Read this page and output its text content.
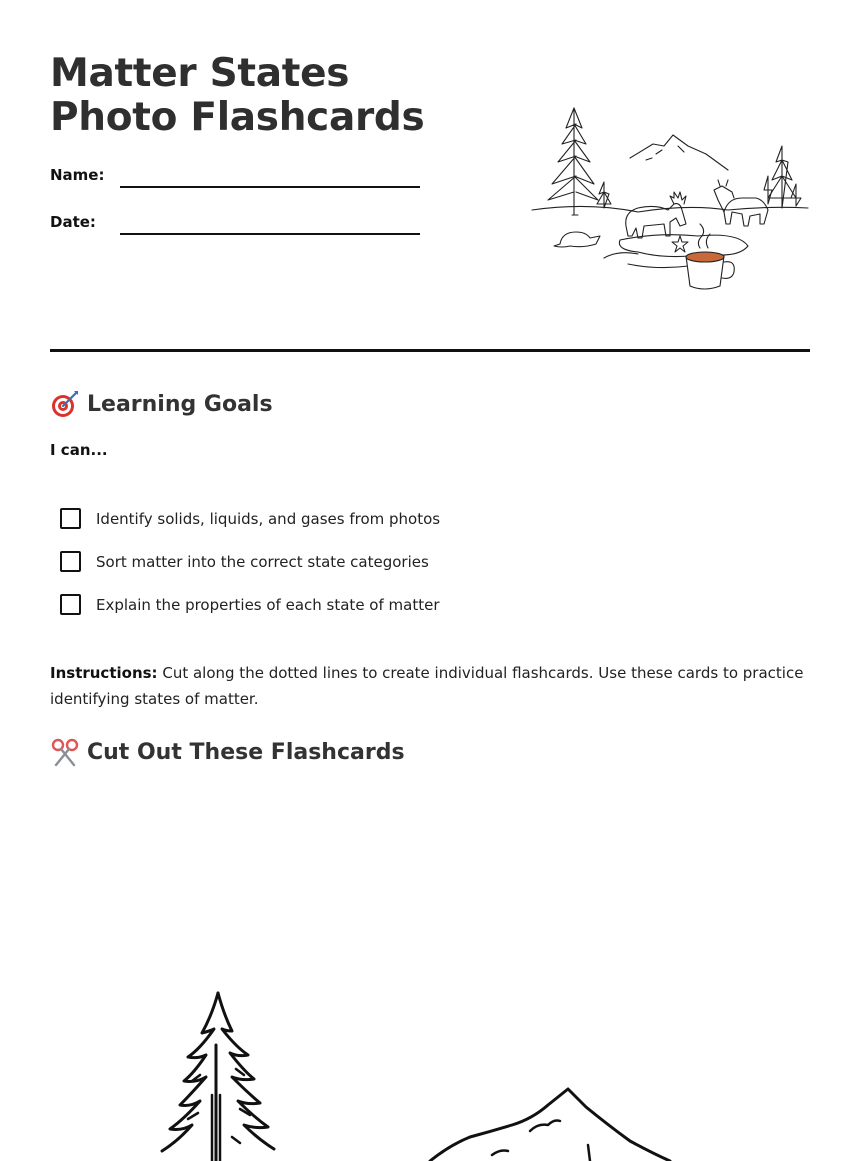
Matter States Photo Flashcards
Name:
Date:
Learning Goals
I can...
Identify solids, liquids, and gases from photos
Sort matter into the correct state categories
Explain the properties of each state of matter

Instructions: Cut along the dotted lines to create individual flashcards. Use these cards to practice identifying states of matter.

Cut Out These Flashcards
